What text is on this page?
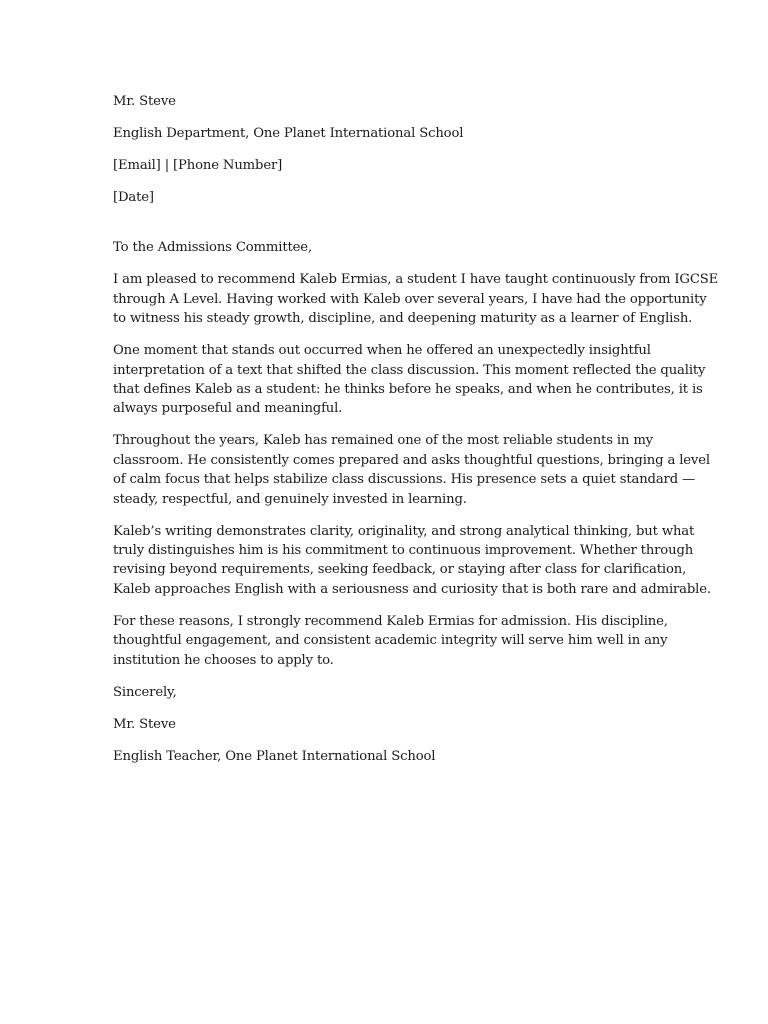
Mr. Steve
English Department, One Planet International School
[Email] | [Phone Number]
[Date]
To the Admissions Committee,
I am pleased to recommend Kaleb Ermias, a student I have taught continuously from IGCSE
through A Level. Having worked with Kaleb over several years, I have had the opportunity
to witness his steady growth, discipline, and deepening maturity as a learner of English.
One moment that stands out occurred when he offered an unexpectedly insightful
interpretation of a text that shifted the class discussion. This moment reflected the quality
that defines Kaleb as a student: he thinks before he speaks, and when he contributes, it is
always purposeful and meaningful.
Throughout the years, Kaleb has remained one of the most reliable students in my
classroom. He consistently comes prepared and asks thoughtful questions, bringing a level
of calm focus that helps stabilize class discussions. His presence sets a quiet standard —
steady, respectful, and genuinely invested in learning.
Kaleb’s writing demonstrates clarity, originality, and strong analytical thinking, but what
truly distinguishes him is his commitment to continuous improvement. Whether through
revising beyond requirements, seeking feedback, or staying after class for clarification,
Kaleb approaches English with a seriousness and curiosity that is both rare and admirable.
For these reasons, I strongly recommend Kaleb Ermias for admission. His discipline,
thoughtful engagement, and consistent academic integrity will serve him well in any
institution he chooses to apply to.
Sincerely,
Mr. Steve
English Teacher, One Planet International School
